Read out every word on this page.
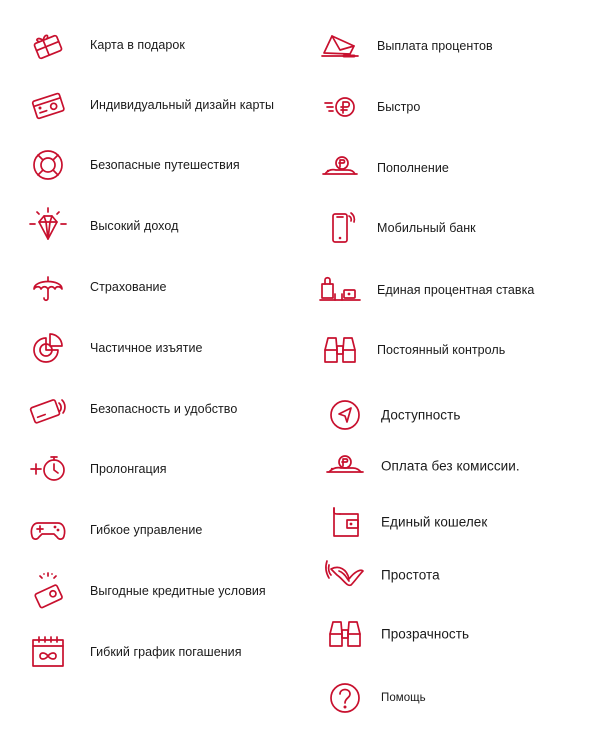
Карта в подарок
Индивидуальный дизайн карты
Безопасные путешествия
Высокий доход
Страхование
Частичное изъятие
Безопасность и удобство
Пролонгация
Гибкое управление
Выгодные кредитные условия
Гибкий график погашения
Выплата процентов
Быстро
Пополнение
Мобильный банк
Единая процентная ставка
Постоянный контроль
Доступность
Оплата без комиссии.
Единый кошелек
Простота
Прозрачность
Помощь
